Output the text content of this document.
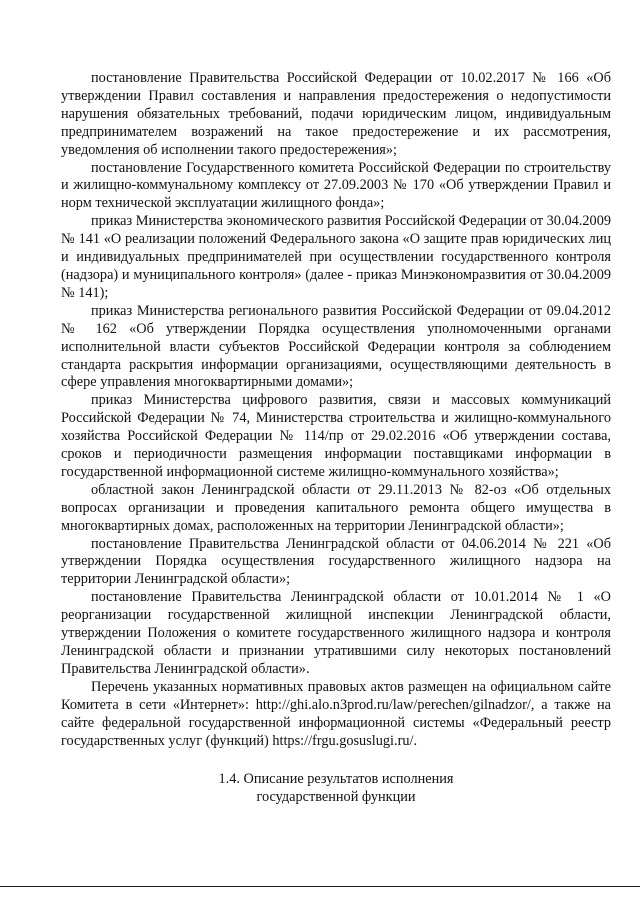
постановление Правительства Российской Федерации от 10.02.2017 № 166 «Об утверждении Правил составления и направления предостережения о недопустимости нарушения обязательных требований, подачи юридическим лицом, индивидуальным предпринимателем возражений на такое предостережение и их рассмотрения, уведомления об исполнении такого предостережения»;

постановление Государственного комитета Российской Федерации по строительству и жилищно-коммунальному комплексу от 27.09.2003 № 170 «Об утверждении Правил и норм технической эксплуатации жилищного фонда»;

приказ Министерства экономического развития Российской Федерации от 30.04.2009 № 141 «О реализации положений Федерального закона «О защите прав юридических лиц и индивидуальных предпринимателей при осуществлении государственного контроля (надзора) и муниципального контроля» (далее - приказ Минэкономразвития от 30.04.2009 № 141);

приказ Министерства регионального развития Российской Федерации от 09.04.2012 № 162 «Об утверждении Порядка осуществления уполномоченными органами исполнительной власти субъектов Российской Федерации контроля за соблюдением стандарта раскрытия информации организациями, осуществляющими деятельность в сфере управления многоквартирными домами»;

приказ Министерства цифрового развития, связи и массовых коммуникаций Российской Федерации № 74, Министерства строительства и жилищно-коммунального хозяйства Российской Федерации № 114/пр от 29.02.2016 «Об утверждении состава, сроков и периодичности размещения информации поставщиками информации в государственной информационной системе жилищно-коммунального хозяйства»;

областной закон Ленинградской области от 29.11.2013 № 82-оз «Об отдельных вопросах организации и проведения капитального ремонта общего имущества в многоквартирных домах, расположенных на территории Ленинградской области»;

постановление Правительства Ленинградской области от 04.06.2014 № 221 «Об утверждении Порядка осуществления государственного жилищного надзора на территории Ленинградской области»;

постановление Правительства Ленинградской области от 10.01.2014 № 1 «О реорганизации государственной жилищной инспекции Ленинградской области, утверждении Положения о комитете государственного жилищного надзора и контроля Ленинградской области и признании утратившими силу некоторых постановлений Правительства Ленинградской области».

Перечень указанных нормативных правовых актов размещен на официальном сайте Комитета в сети «Интернет»: http://ghi.alo.n3prod.ru/law/perechen/gilnadzor/, а также на сайте федеральной государственной информационной системы «Федеральный реестр государственных услуг (функций) https://frgu.gosuslugi.ru/.

1.4. Описание результатов исполнения
государственной функции
